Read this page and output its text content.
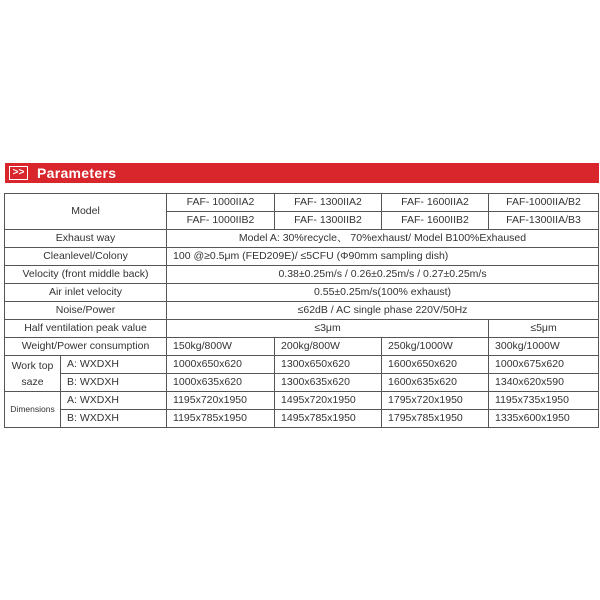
>> Parameters
Model		FAF- 1000IIA2	FAF- 1300IIA2	FAF- 1600IIA2	FAF-1000IIA/B2
		FAF- 1000IIB2	FAF- 1300IIB2	FAF- 1600IIB2	FAF-1300IIA/B3
Exhaust way		Model A: 30%recycle、 70%exhaust/ Model B100%Exhaused			
Cleanlevel/Colony		100 @≥0.5μm (FED209E)/ ≤5CFU (Φ90mm sampling dish)			
Velocity (front middle back)		0.38±0.25m/s / 0.26±0.25m/s / 0.27±0.25m/s			
Air inlet velocity		0.55±0.25m/s(100% exhaust)			
Noise/Power		≤62dB / AC single phase 220V/50Hz			
Half ventilation peak value		≤3μm			≤5μm
Weight/Power consumption		150kg/800W	200kg/800W	250kg/1000W	300kg/1000W
Work top saze	A: WXDXH	1000x650x620	1300x650x620	1600x650x620	1000x675x620
	B: WXDXH	1000x635x620	1300x635x620	1600x635x620	1340x620x590
Dimensions	A: WXDXH	1195x720x1950	1495x720x1950	1795x720x1950	1195x735x1950
	B: WXDXH	1195x785x1950	1495x785x1950	1795x785x1950	1335x600x1950
